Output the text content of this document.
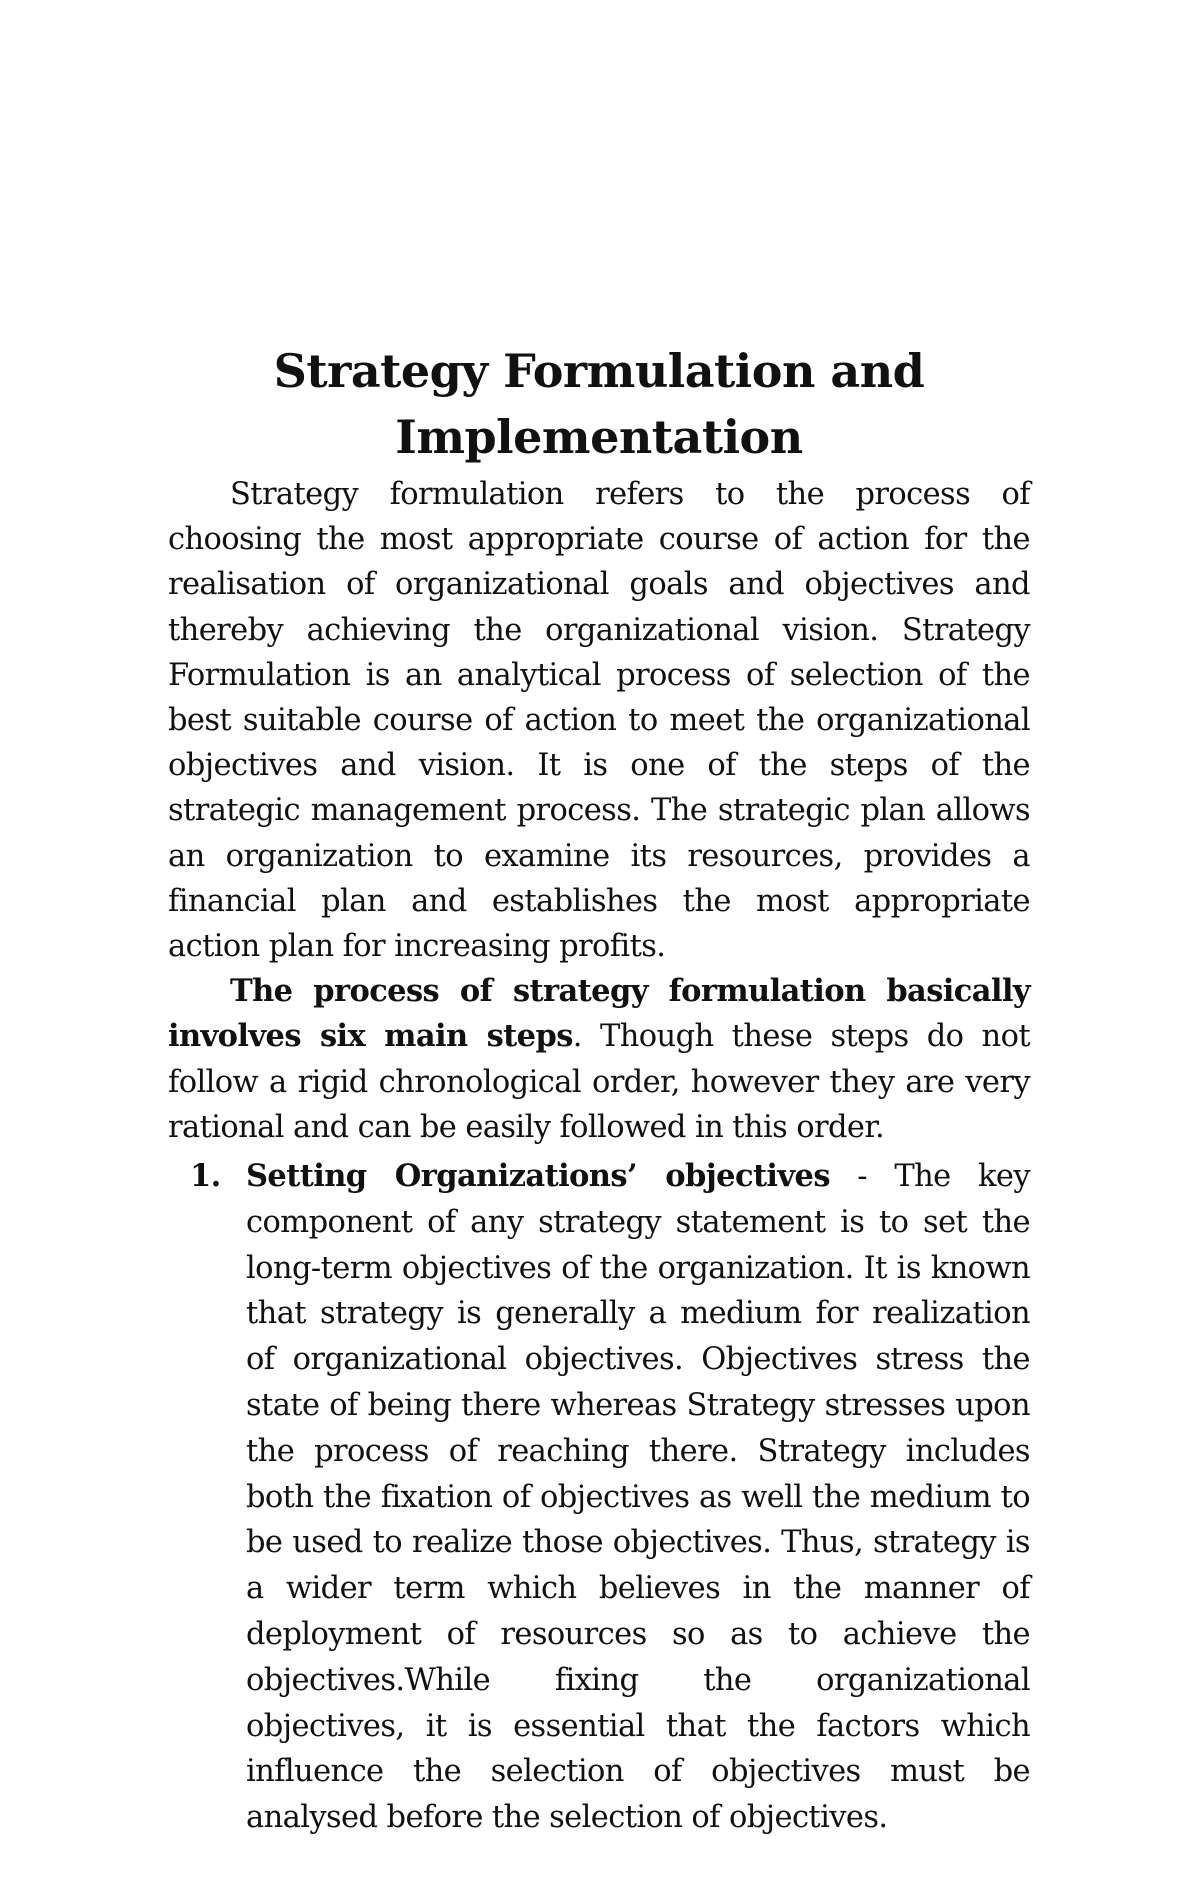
Strategy Formulation and
Implementation

Strategy formulation refers to the process of choosing the most appropriate course of action for the realisation of organizational goals and objectives and thereby achieving the organizational vision. Strategy Formulation is an analytical process of selection of the best suitable course of action to meet the organizational objectives and vision. It is one of the steps of the strategic management process. The strategic plan allows an organization to examine its resources, provides a financial plan and establishes the most appropriate action plan for increasing profits.

The process of strategy formulation basically involves six main steps. Though these steps do not follow a rigid chronological order, however they are very rational and can be easily followed in this order.

1. Setting Organizations’ objectives - The key component of any strategy statement is to set the long-term objectives of the organization. It is known that strategy is generally a medium for realization of organizational objectives. Objectives stress the state of being there whereas Strategy stresses upon the process of reaching there. Strategy includes both the fixation of objectives as well the medium to be used to realize those objectives. Thus, strategy is a wider term which believes in the manner of deployment of resources so as to achieve the objectives.While fixing the organizational objectives, it is essential that the factors which influence the selection of objectives must be analysed before the selection of objectives.
